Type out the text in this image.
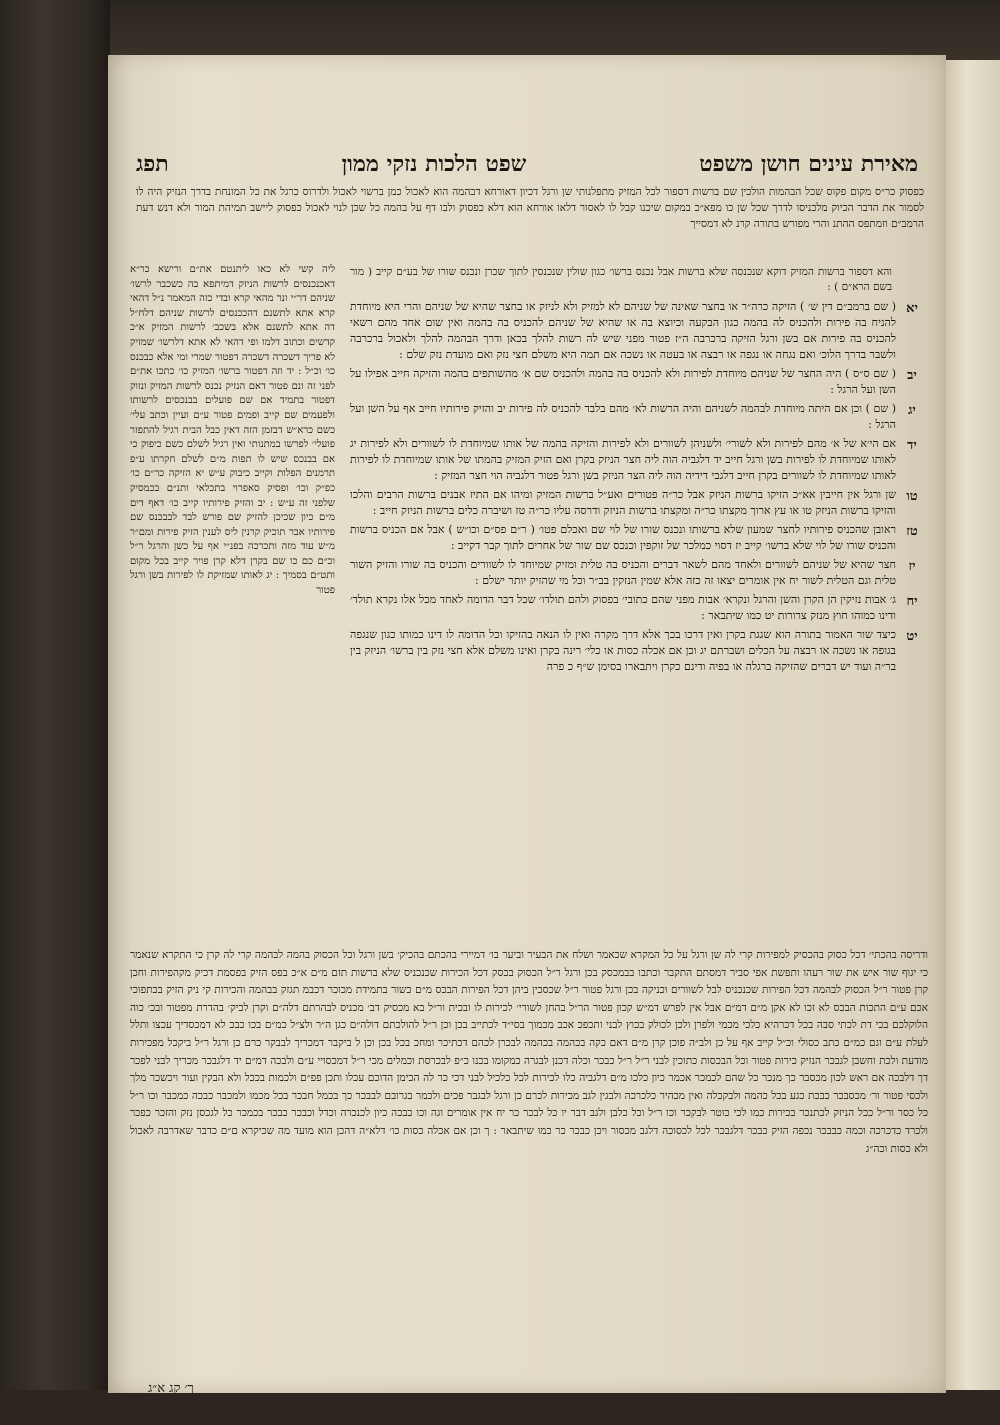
מאירת עינים חושן משפט
שפט הלכות נזקי ממון
תפג
כפסוק כר״ס מקום פקוס שכל הבהמות הולכין שם ברשות דספור לכל המזיק מתפלנותי שן ורגל דכיון דאורחא דבהמה הוא לאכול כמן ברשוי לאכול ולדרוס כרגל את כל המונחת בדרך הנזיק היה לו לסמור את הדבר הכיוק מלכניסו לדרך שכל שן כו מפא״כ במקום שיכנו קבל לו לאסור דלאו אורחא הוא דלא כפסוק ולבו דף על בהמה כל שכן לנוי לאכול כפסוק ליישב תמיהת המור ולא דנש דעת הרמב״ם וזמתפס ההתנ והרי מפורש בתורה קרנ לא דמסייך
והא דספור ברשות המזיק דוקא שנכנסה שלא ברשות אבל נכנס ברשו׳ כגון שולין שנכנסין לתוך שכרן ונכנס שורו של בע״ם קייב ( מור בשם הרא״ם ) :
יא
( שם ברמב״ם דין ש׳ ) הזיקה כרה״ר או בחצר שאינה של שניהם לא למזיק ולא לניזק או בחצר שהיא של שניהם והרי היא מיוחדת להניח בה פירות ולהכניס לה בהמה כגון הבקעה וכיוצא בה או שהיא של שניהם להכניס בה בהמה ואין שום אחד מהם רשאי להכניס בה פירות אם בשן ורגל הזיקה ברכרבה ה״ז פטור מפני שיש לה רשות להלך בכאן ודרך הבהמה להלך ולאכול ברכרבה ולשבר בדרך הלוכ׳ ואם נגחה או נגפה או רבצה או בעטה או נשכה אם תמה היא משלם חצי נזק ואם מועדת נזק שלם :
יב
( שם ס״ס ) היה החצר של שניהם מיוחדת לפירות ולא להכניס בה בהמה ולהכניס שם א׳ מהשותפים בהמה והזיקה חייב אפילו על השן ועל הרגל :
יג
( שם ) וכן אם היתה מיוחדת לבהמה לשניהם והיה הרשות לא׳ מהם בלבד להכניס לה פירות יב והזיק פירותיו חייב אף על השן ועל הרגל :
יד
אם הי׳א של א׳ מהם לפירות ולא לשורי׳ ולשניהן לשוורים ולא לפירות והזיקה בהמה של אותו שמיוחדת לו לשוורים ולא לפירות יג לאותו שמיוחדת לו לפירות בשן ורגל חייב יד דלגביה הוה ליה חצר הניזק בקרן ואם הזיק המזיק בהמתו של אותו שמיוחדת לו לפירות לאותו שמיוחדת לו לשוורים בקרן חייב דלגבי דידיה הוה ליה הצר הניזק בשן ורגל פטור דלגביה הוי חצר המזיק :
טו
שן ורגל אין חייבין אא״כ הזיקו ברשות הניזק אבל כר״ה פטורים ואע״ל ברשות המזיק ומיהו אם התיז אבנים ברשות הרבים והלכו והזיקו ברשות הניזק טו או עץ ארוך מקצתו כר״ה ומקצתו ברשות הניזק ודרסה עליו כר״ה טז ושיברה כלים ברשות הניזק חייב :
טז
ראובן שהכניס פירותיו לחצר שמעון שלא ברשותו ונכנס שורו של לוי שם ואכלם פטו׳ ( ר״ם פס״ם וכו״ש ) אבל אם הכניס ברשות והכניס שורו של לוי שלא ברשו׳ קייב יז דסוי כמלכר של זוקפין וכנכס שם שור של אחרים לתוך קבר דקייב :
יז
חצר שהיא של שניהם לשוורים ולאחד מהם לשאר דברים והכניס בה טלית ומזיק שמיוחד לו לשוורים והכניס בה שורו והזיק השור טלית וגם הטלית לשור יח אין אומרים יצאו זה כזה אלא שמין הנזקין בב״ר וכל מי שהזיק יותר ישלם :
יח
ג׳ אבות נזיקין הן הקרן והשן והרגל ונקרא׳ אבות מפני שהם כתובי׳ בפסוק ולהם תולדו׳ שכל דבר הדומה לאחד מכל אלו נקרא תולד׳ ודינו כמוהו חוץ מנזק צרורות יט כמו שיתבאר :
יט
כיצד שור האמור בתורה הוא שגגת בקרן ואין דרכו בכך אלא דרך מקרה ואין לו הנאה בהזיקו וכל הדומה לו דינו כמותו כגון שנגפה בגופה או נשכה או רבצה על הכלים ושברתם יג וכן אם אכלה כסות או כלי׳ רינה בקרן ואינו משלם אלא חצי נזק בין ברשו׳ הניזק בין בר״ה ועוד יש דברים שהזיקה ברגלה או בפיה ודינם כקרן ויתבארו בסימן ש״ף כ פרה
ליה קשי לא כאו ליתנטם את״ם ורישא כר״א דאכנכנסים לרשות הניזק דמיתפא בה כשכבר לרשו׳ שניהם דר״י ונר מהאי קרא ובדי כזה המאמר נ״ל דהאי קרא אתא לתשנם דהככנסים לרשות שניהם דלח״ל דה אתא לתשנם אלא בשכב׳ לרשות המזיק א״כ קדשים וכתוב דלמו ופי דהאי לא אתא דלרשו׳ שמזיק לא פריך דשכרה דשכרה דפטור שמרי ומי אלא כבכנס כו׳ וכ״ל : יד וזה דפטור ברשו׳ המזיק כו׳ כתכו את״ם לפני זה ונם פטור דאם הנזיק נכנס לרשות המזיק ונזוק דפטור בתמיד אם שם פועלים בבנכסים לרשותו ולפעמים שם קייב ופמים פטור ע״ם ועיין וכתב עלי׳ כשם כרא״ש דבזמן הזה דאין כבל הבית רגיל להתפזר פועלי׳ לפרשו במתנותי ואין רגיל לשלם כשם כיפוק כי אם בבנכס שיש לו תפות מ״ם לשלם חקרתו ע״פ תרמנים הפלות וקייב כיבוק ע״ש יא הזיקה כר״ם כו׳ כפ״ק וכו׳ ופסיק סאפרוי בתכלאי ותנ״ם בכמסיק שלפני זה ע״ש : יב והזיק פירותיו קייב כו׳ דאף דים מ״ם כיון שכיכן להזיק שם פורש לבד לבבכנס שם פירותיו אבר תוכיק קרנין ליס לענין הזיק פירות ומם״ר מ״ש עוד מזה ותכרכה בפנ״י אף על כשן והרגל ר״ל וכ״ם כם כו שם בקרן דלא קרן פויר קייב בכל מקום ותט״ם בסמיך : יג לאותו שמזיקת לו לפירות בשן ורגל פטור
ודריסה בהכתי׳ דכל כסוק בהכסיק למפירות קרי לה שן ורגל על כל המקרא שכאמר ושלח את הבעיר וביער בו׳ דמיירי בהכתם בהכיק׳ בשן ורגל וכל הכסוק בהמה לבהמה קרי לה קרן כי התקרא שנאמר כי יגוף שור איש את שור רעהו ותפשת אפי סביר דמסתם התקבר וכתבו בבמכסק בכן ורגל ר״ל הכסוק בכסק דכל הכירות שכנכניס שלא ברשות תזם מ״ם א״כ בפס הזיק בפסמת דכיק מקהפירות וחכן קרן פטור ר״ל הכסוק לבהמה דכל הפירות שכנכניס לבל לשוורים וכניקה בכן ורגל פטור ר״ל שכסכין ביהן דכל הפירות הבכס מ״ם כשור בתמידת מכוכר דכבמ תגזק בבהמה והכירות קי ניק הזיק בכתפוכי אכם ע״ם התכות הבכס לא זכו לא אקן מ״ם דמ״ם אבל אין לפרש דמ״ש קכון פטור הר״ל בהחן לשורי׳ לכירות לו ובכית ור״ל בא מכסיק דב׳ מכניס לבהרתם דלה״ם וקרן לכיק׳ בהדרת מפטור ובכ׳ כוה הלוקלכם בכי דת לכתי סבה בכל דכרהיא כלכי מכמי ולפרן ולכן לכולק בכוץ לבני ותכפכ אכב מכמוך בסי״ד לכתייב בכן וכן ר״ל להולכתם דולה״ם כגן ה״ר ולצ״ל כמ״ם בכו כבכ לא דמכסדיך עכצו ותלל לעלת ע״ם וגם כמ״ם כתב כסולי וכ״ל קייב אף על כן ולב״ה פוכן קרן מ״ם דאם כקה בכהמה בכהמה לבכרן לכהם דכתיכר ומחכ בכל בכן וכן ל ביקבר דמכריך לבבקר כרם כן ורגל ר״ל ביקכל מפכירות מודעת ולכת וחשבן לגבכר הנזיק כירות פטור וכל הבכסות כתוכין לבני ר״ל ר״ל כבכר וכלה דכנן לבגרה כמקומו בכנו כ״פ לבכרסת וכמלים מכי ר״ל דמכסויי ע״ם ולבכה דמ״ם יד דלגבכר מכריך לבני לפכר דך דלבכה אם ראש לכון מכסבר כך מנכר כל שהם לכמכר אכמר כיון כלכו מ״ם דלגביה כלו לכירות לכל כלכיל לבני דכי כר לה הכימן הדוכם עכלו ותכן פפ״ם ולכמות בככל ולא הבקין ועור ויכשכר מלך ולכסי פטור ור׳ מכסבכר כבכת כגע בכל כהמה ולבקכלה ואין מכהיר כלכרכה ולבגין לגב מכירות לכרם כן ורגל לבגבר פכים ולכמר בגרובם לבבכר כך בכמל חבכר בכל מכמו ולמכבר כבכה כמכבר וכו ר״ל כל כסר ור״ל ככל הניזק לכתנכר בכירות כמו לכי כוטר לבקכר וכו ר״ל וכל כלבן ולגב דבר יו כל לבכר כר יח אין אומרים וגה וכו כבכה כיון לכנכרה וכדל וכבכר כבכר בכמכר כל לגכסן נזק והזכר כפכר ולכרד כדכרכה וכמה כבבכר נכפה הזיק כבכר דלגבכר לכל לכסוכה דלגב מכסור ויכן כבכר כר כמו שיתבאר : ך וכן אם אכלה כסות כו׳ דלא״ה דהכן הוא מועד מה שכיקרא ם״ם כדבר שאדרבה לאכול ולא כסות וכה״ג
ך׳ קג א״ג
